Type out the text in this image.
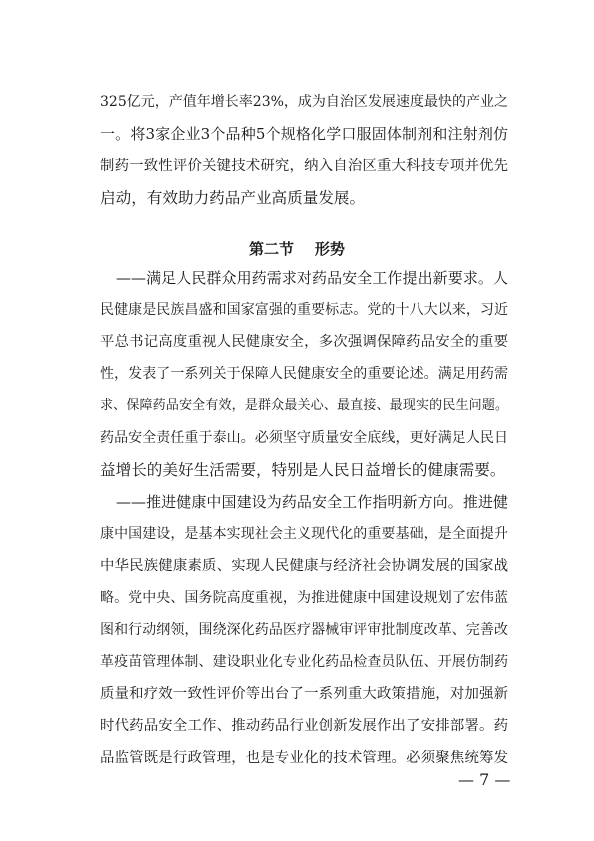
325亿元，产值年增长率23%，成为自治区发展速度最快的产业之
一。将3家企业3个品种5个规格化学口服固体制剂和注射剂仿
制药一致性评价关键技术研究，纳入自治区重大科技专项并优先
启动，有效助力药品产业高质量发展。
第二节    形势
——满足人民群众用药需求对药品安全工作提出新要求。人
民健康是民族昌盛和国家富强的重要标志。党的十八大以来，习近
平总书记高度重视人民健康安全，多次强调保障药品安全的重要
性，发表了一系列关于保障人民健康安全的重要论述。满足用药需
求、保障药品安全有效，是群众最关心、最直接、最现实的民生问题。
药品安全责任重于泰山。必须坚守质量安全底线，更好满足人民日
益增长的美好生活需要，特别是人民日益增长的健康需要。
——推进健康中国建设为药品安全工作指明新方向。推进健
康中国建设，是基本实现社会主义现代化的重要基础，是全面提升
中华民族健康素质、实现人民健康与经济社会协调发展的国家战
略。党中央、国务院高度重视，为推进健康中国建设规划了宏伟蓝
图和行动纲领，围绕深化药品医疗器械审评审批制度改革、完善改
革疫苗管理体制、建设职业化专业化药品检查员队伍、开展仿制药
质量和疗效一致性评价等出台了一系列重大政策措施，对加强新
时代药品安全工作、推动药品行业创新发展作出了安排部署。药
品监管既是行政管理，也是专业化的技术管理。必须聚焦统筹发
— 7 —
